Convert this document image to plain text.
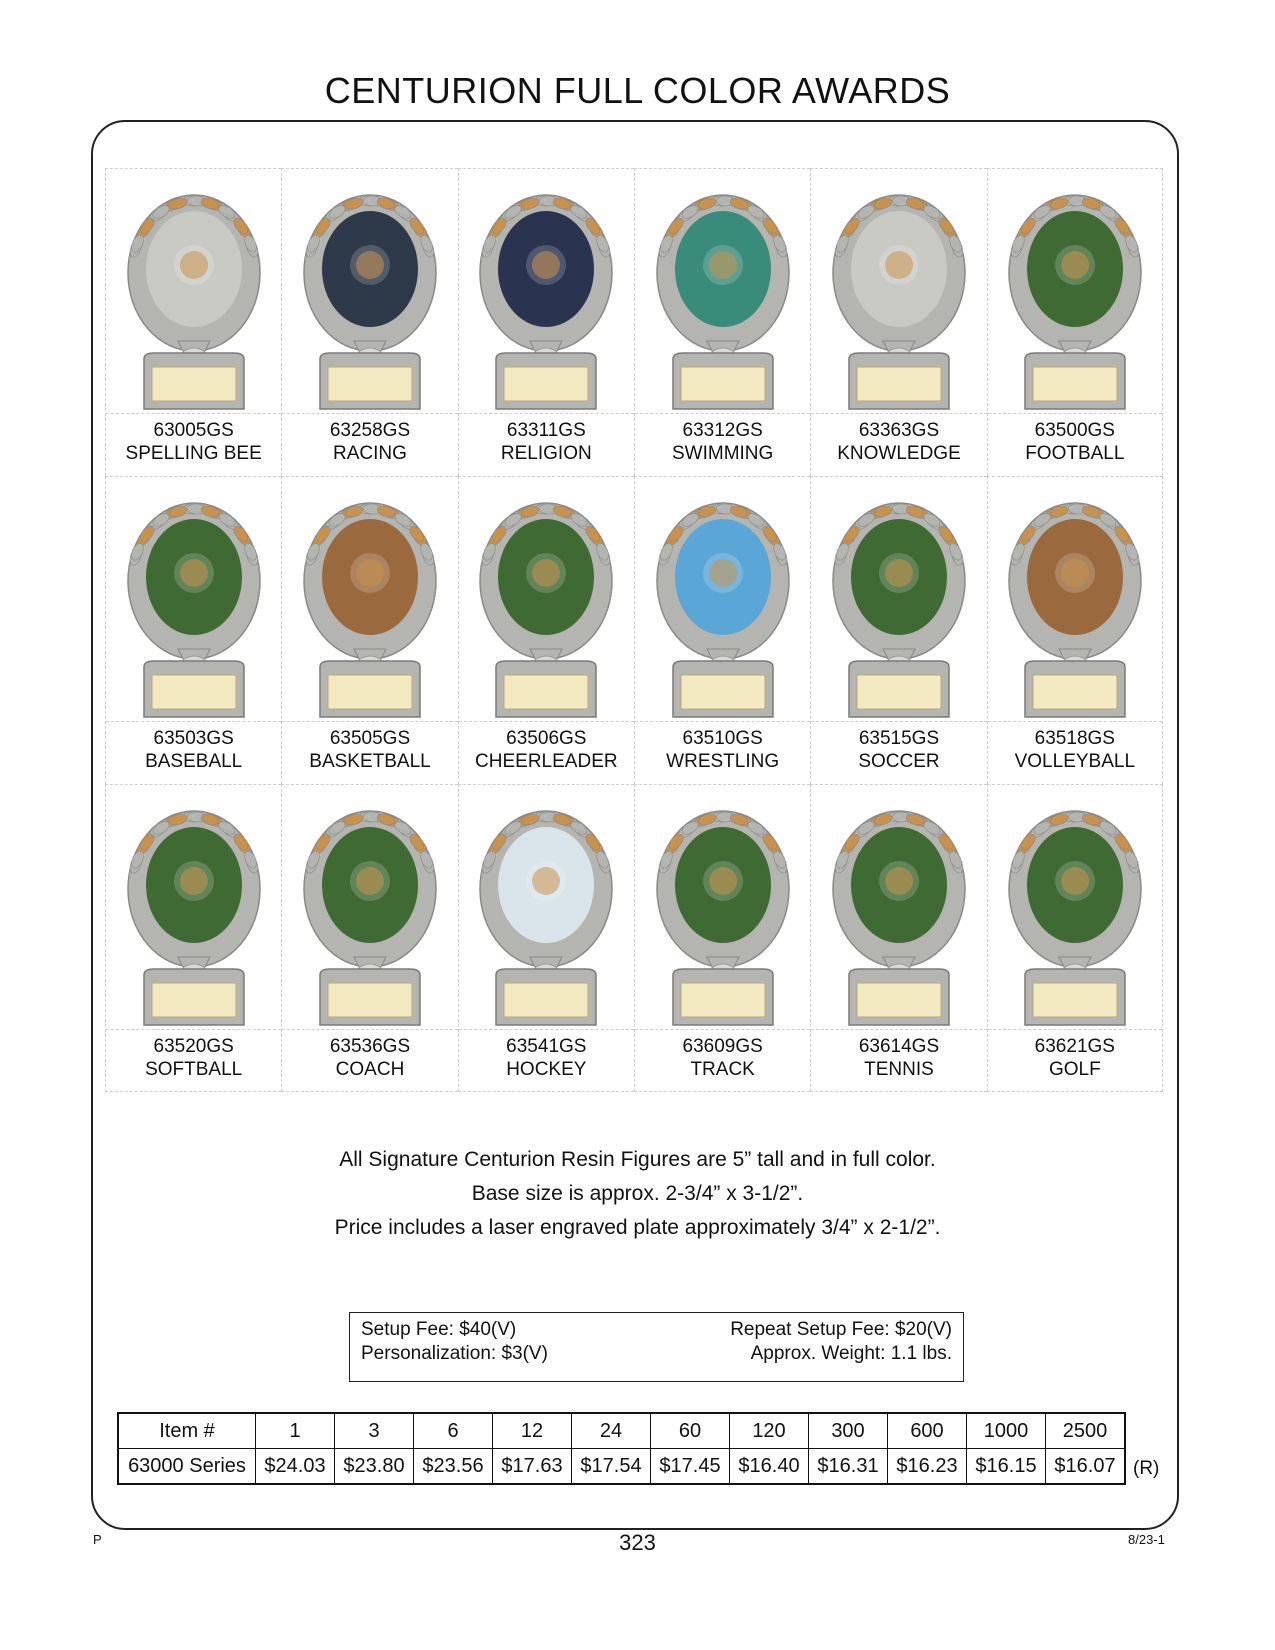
CENTURION FULL COLOR AWARDS
63005GS
SPELLING BEE
63258GS
RACING
63311GS
RELIGION
63312GS
SWIMMING
63363GS
KNOWLEDGE
63500GS
FOOTBALL
63503GS
BASEBALL
63505GS
BASKETBALL
63506GS
CHEERLEADER
63510GS
WRESTLING
63515GS
SOCCER
63518GS
VOLLEYBALL
63520GS
SOFTBALL
63536GS
COACH
63541GS
HOCKEY
63609GS
TRACK
63614GS
TENNIS
63621GS
GOLF

All Signature Centurion Resin Figures are 5” tall and in full color.

Base size is approx. 2-3/4” x 3-1/2”.

Price includes a laser engraved plate approximately 3/4” x 2-1/2”.

Setup Fee: $40(V)	Repeat Setup Fee: $20(V)
Personalization: $3(V)	Approx. Weight: 1.1 lbs.
Item #	1	3	6	12	24	60	120	300	600	1000	2500
63000 Series	$24.03	$23.80	$23.56	$17.63	$17.54	$17.45	$16.40	$16.31	$16.23	$16.15	$16.07 (R)
P	323	8/23-1
